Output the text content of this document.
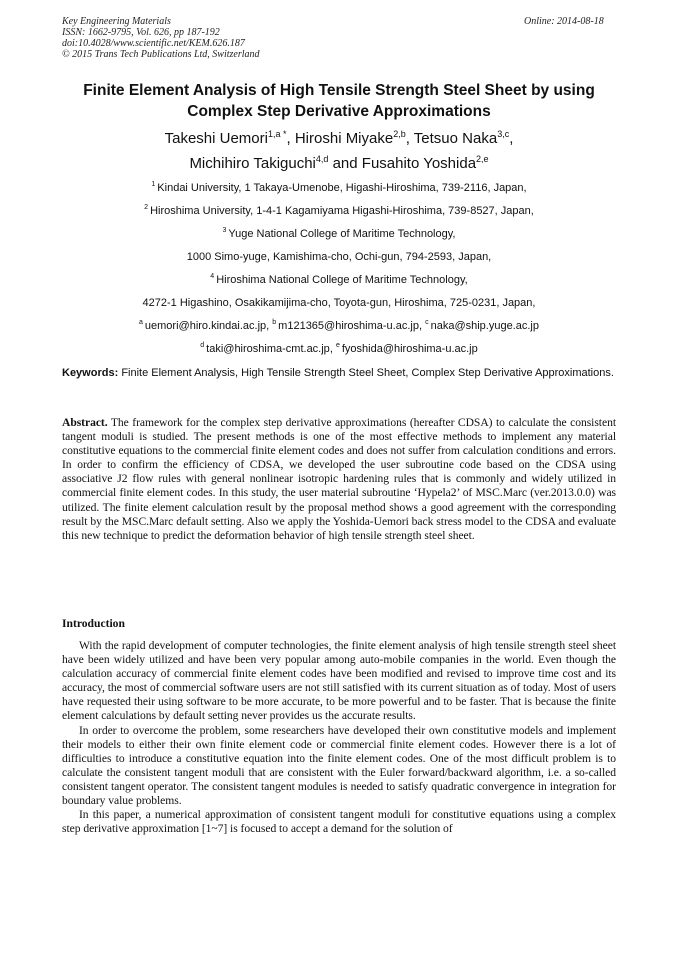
Key Engineering Materials
ISSN: 1662-9795, Vol. 626, pp 187-192
doi:10.4028/www.scientific.net/KEM.626.187
© 2015 Trans Tech Publications Ltd, Switzerland
Online: 2014-08-18
Finite Element Analysis of High Tensile Strength Steel Sheet by using Complex Step Derivative Approximations
Takeshi Uemori$^{1,a *}$, Hiroshi Miyake$^{2,b}$, Tetsuo Naka$^{3,c}$,
Michihiro Takiguchi$^{4,d}$ and Fusahito Yoshida$^{2,e}$
$^1$ Kindai University, 1 Takaya-Umenobe, Higashi-Hiroshima, 739-2116, Japan,
$^2$ Hiroshima University, 1-4-1 Kagamiyama Higashi-Hiroshima, 739-8527, Japan,
$^3$ Yuge National College of Maritime Technology,
1000 Simo-yuge, Kamishima-cho, Ochi-gun, 794-2593, Japan,
$^4$ Hiroshima National College of Maritime Technology,
4272-1 Higashino, Osakikamijima-cho, Toyota-gun, Hiroshima, 725-0231, Japan,
$^a$ uemori@hiro.kindai.ac.jp, $^b$ m121365@hiroshima-u.ac.jp, $^c$ naka@ship.yuge.ac.jp
$^d$ taki@hiroshima-cmt.ac.jp, $^e$ fyoshida@hiroshima-u.ac.jp
Keywords: Finite Element Analysis, High Tensile Strength Steel Sheet, Complex Step Derivative Approximations.
Abstract. The framework for the complex step derivative approximations (hereafter CDSA) to calculate the consistent tangent moduli is studied. The present methods is one of the most effective methods to implement any material constitutive equations to the commercial finite element codes and does not suffer from calculation conditions and errors. In order to confirm the efficiency of CDSA, we developed the user subroutine code based on the CDSA using associative J2 flow rules with general nonlinear isotropic hardening rules that is commonly and widely utilized in commercial finite element codes. In this study, the user material subroutine ‘Hypela2’ of MSC.Marc (ver.2013.0.0) was utilized. The finite element calculation result by the proposal method shows a good agreement with the corresponding result by the MSC.Marc default setting. Also we apply the Yoshida-Uemori back stress model to the CDSA and evaluate this new technique to predict the deformation behavior of high tensile strength steel sheet.
Introduction

With the rapid development of computer technologies, the finite element analysis of high tensile strength steel sheet have been widely utilized and have been very popular among auto-mobile companies in the world. Even though the calculation accuracy of commercial finite element codes have been modified and revised to improve time cost and its accuracy, the most of commercial software users are not still satisfied with its current situation as of today. Most of users have requested their using software to be more accurate, to be more powerful and to be faster. That is because the finite element calculations by default setting never provides us the accurate results.

In order to overcome the problem, some researchers have developed their own constitutive models and implement their models to either their own finite element code or commercial finite element codes. However there is a lot of difficulties to introduce a constitutive equation into the finite element codes. One of the most difficult problem is to calculate the consistent tangent moduli that are consistent with the Euler forward/backward algorithm, i.e. a so-called consistent tangent operator. The consistent tangent modules is needed to satisfy quadratic convergence in integration for boundary value problems.

In this paper, a numerical approximation of consistent tangent moduli for constitutive equations using a complex step derivative approximation [1~7] is focused to accept a demand for the solution of
